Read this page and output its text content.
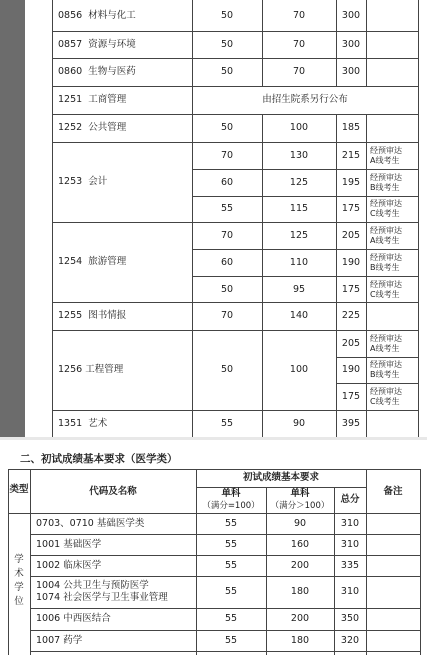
0856 材料与化工	50	70	300
0857 资源与环境	50	70	300
0860 生物与医药	50	70	300
1251 工商管理	由招生院系另行公布
1252 公共管理	50	100	185
1253 会计
70	130	215	经预审达
A线考生
60	125	195	经预审达
B线考生
55	115	175	经预审达
C线考生
1254 旅游管理
70	125	205	经预审达
A线考生
60	110	190	经预审达
B线考生
50	95	175	经预审达
C线考生
1255 图书情报	70	140	225
1256 工程管理	50	100
205	经预审达
A线考生
190	经预审达
B线考生
175	经预审达
C线考生
1351 艺术	55	90	395
二、初试成绩基本要求（医学类）
类型	代码及名称
初试成绩基本要求
单科
（满分=100）
单科
（满分＞100）
总分
备注
学
术
学
位
0703、0710 基础医学类	55	90	310
1001 基础医学	55	160	310
1002 临床医学	55	200	335
1004 公共卫生与预防医学
1074 社会医学与卫生事业管理
55	180	310
1006 中西医结合	55	200	350
1007 药学	55	180	320
